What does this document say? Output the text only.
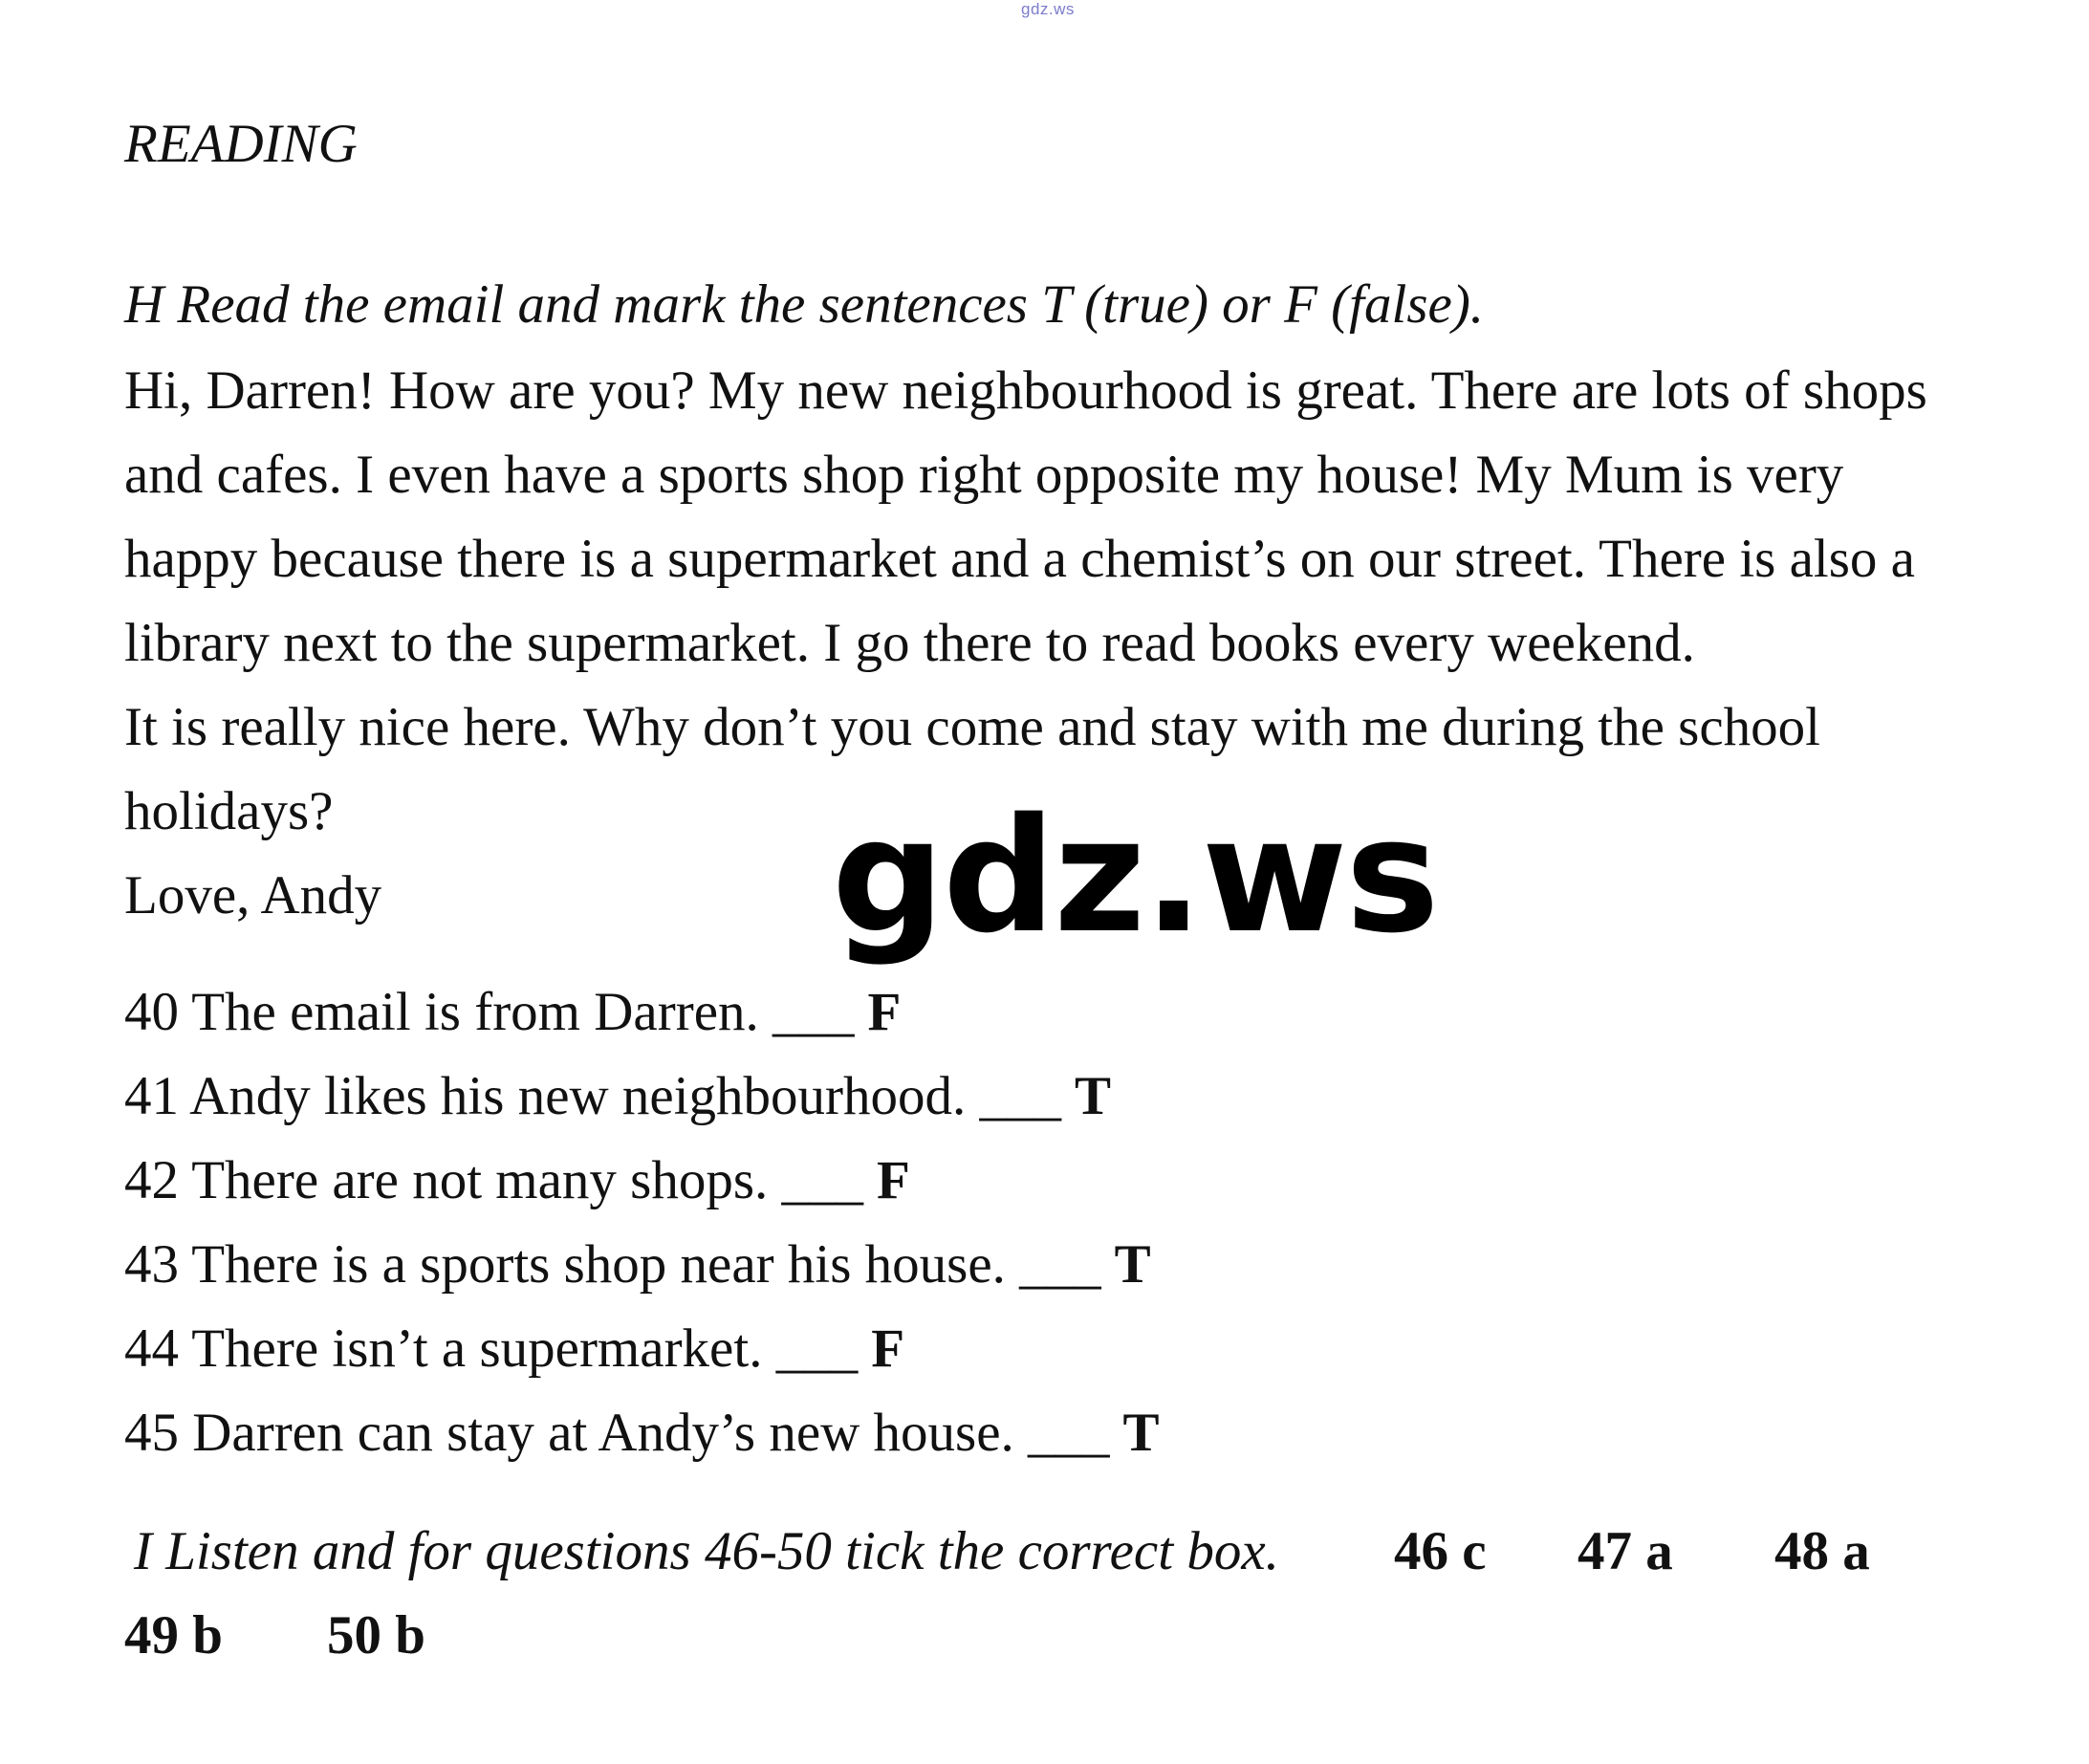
gdz.ws
READING
H Read the email and mark the sentences T (true) or F (false).
Hi, Darren! How are you? My new neighbourhood is great. There are lots of shops
and cafes. I even have a sports shop right opposite my house! My Mum is very
happy because there is a supermarket and a chemist’s on our street. There is also a
library next to the supermarket. I go there to read books every weekend.
It is really nice here. Why don’t you come and stay with me during the school
holidays?
Love, Andy	gdz.ws
40 The email is from Darren. ___ F
41 Andy likes his new neighbourhood. ___ T
42 There are not many shops. ___ F
43 There is a sports shop near his house. ___ T
44 There isn’t a supermarket. ___ F
45 Darren can stay at Andy’s new house. ___ T
I Listen and for questions 46-50 tick the correct box. 46 c 47 a 48 a
49 b 50 b
